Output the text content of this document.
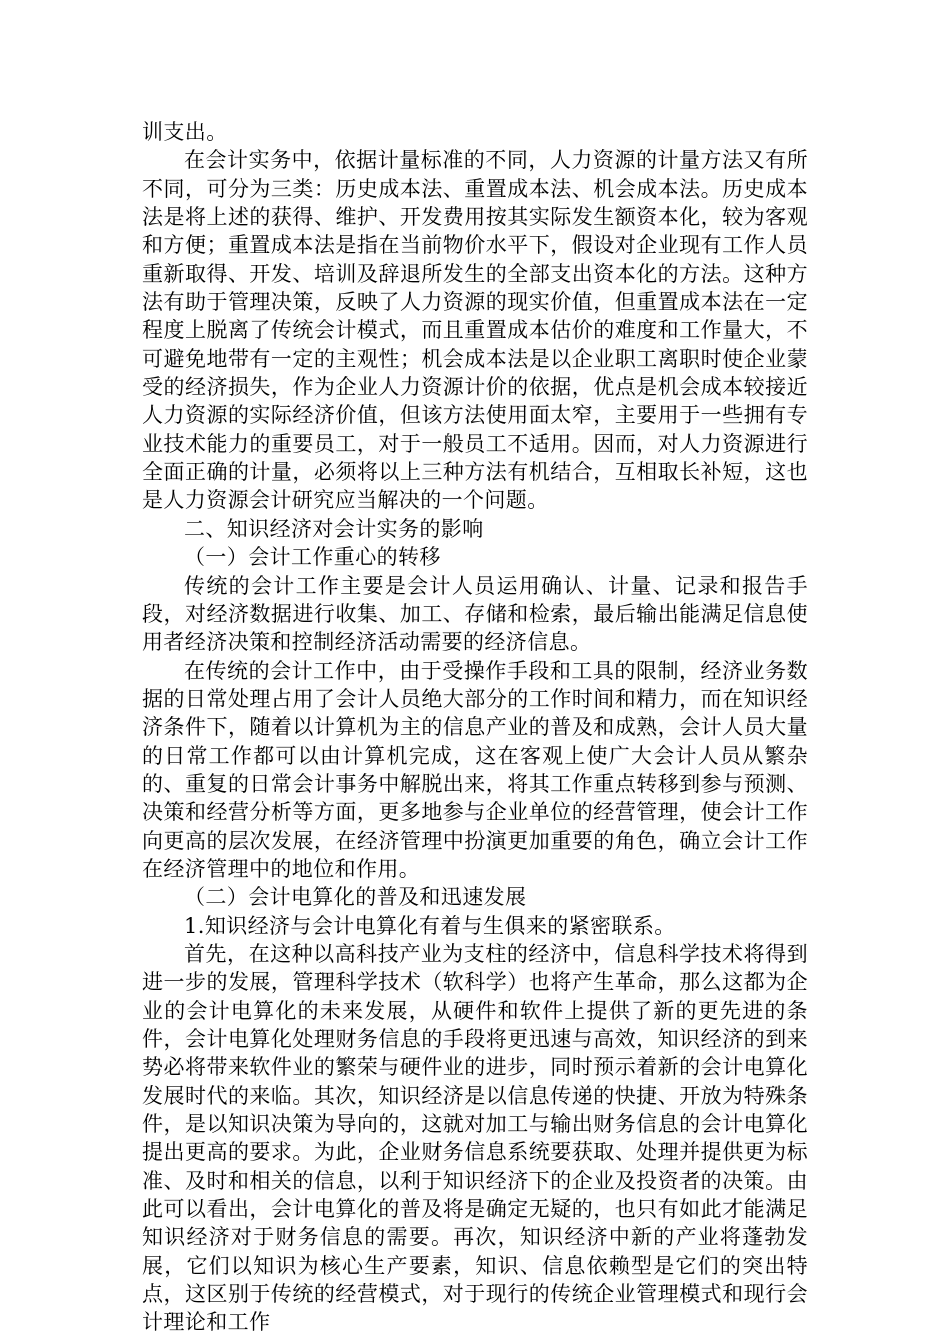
训支出。

在会计实务中，依据计量标准的不同，人力资源的计量方法又有所不同，可分为三类：历史成本法、重置成本法、机会成本法。历史成本法是将上述的获得、维护、开发费用按其实际发生额资本化，较为客观和方便；重置成本法是指在当前物价水平下，假设对企业现有工作人员重新取得、开发、培训及辞退所发生的全部支出资本化的方法。这种方法有助于管理决策，反映了人力资源的现实价值，但重置成本法在一定程度上脱离了传统会计模式，而且重置成本估价的难度和工作量大，不可避免地带有一定的主观性；机会成本法是以企业职工离职时使企业蒙受的经济损失，作为企业人力资源计价的依据，优点是机会成本较接近人力资源的实际经济价值，但该方法使用面太窄，主要用于一些拥有专业技术能力的重要员工，对于一般员工不适用。因而，对人力资源进行全面正确的计量，必须将以上三种方法有机结合，互相取长补短，这也是人力资源会计研究应当解决的一个问题。

二、知识经济对会计实务的影响

（一）会计工作重心的转移

传统的会计工作主要是会计人员运用确认、计量、记录和报告手段，对经济数据进行收集、加工、存储和检索，最后输出能满足信息使用者经济决策和控制经济活动需要的经济信息。

在传统的会计工作中，由于受操作手段和工具的限制，经济业务数据的日常处理占用了会计人员绝大部分的工作时间和精力，而在知识经济条件下，随着以计算机为主的信息产业的普及和成熟，会计人员大量的日常工作都可以由计算机完成，这在客观上使广大会计人员从繁杂的、重复的日常会计事务中解脱出来，将其工作重点转移到参与预测、决策和经营分析等方面，更多地参与企业单位的经营管理，使会计工作向更高的层次发展，在经济管理中扮演更加重要的角色，确立会计工作在经济管理中的地位和作用。

（二）会计电算化的普及和迅速发展

1.知识经济与会计电算化有着与生俱来的紧密联系。

首先，在这种以高科技产业为支柱的经济中，信息科学技术将得到进一步的发展，管理科学技术（软科学）也将产生革命，那么这都为企业的会计电算化的未来发展，从硬件和软件上提供了新的更先进的条件，会计电算化处理财务信息的手段将更迅速与高效，知识经济的到来势必将带来软件业的繁荣与硬件业的进步，同时预示着新的会计电算化发展时代的来临。其次，知识经济是以信息传递的快捷、开放为特殊条件，是以知识决策为导向的，这就对加工与输出财务信息的会计电算化提出更高的要求。为此，企业财务信息系统要获取、处理并提供更为标准、及时和相关的信息，以利于知识经济下的企业及投资者的决策。由此可以看出，会计电算化的普及将是确定无疑的，也只有如此才能满足知识经济对于财务信息的需要。再次，知识经济中新的产业将蓬勃发展，它们以知识为核心生产要素，知识、信息依赖型是它们的突出特点，这区别于传统的经营模式，对于现行的传统企业管理模式和现行会计理论和工作
